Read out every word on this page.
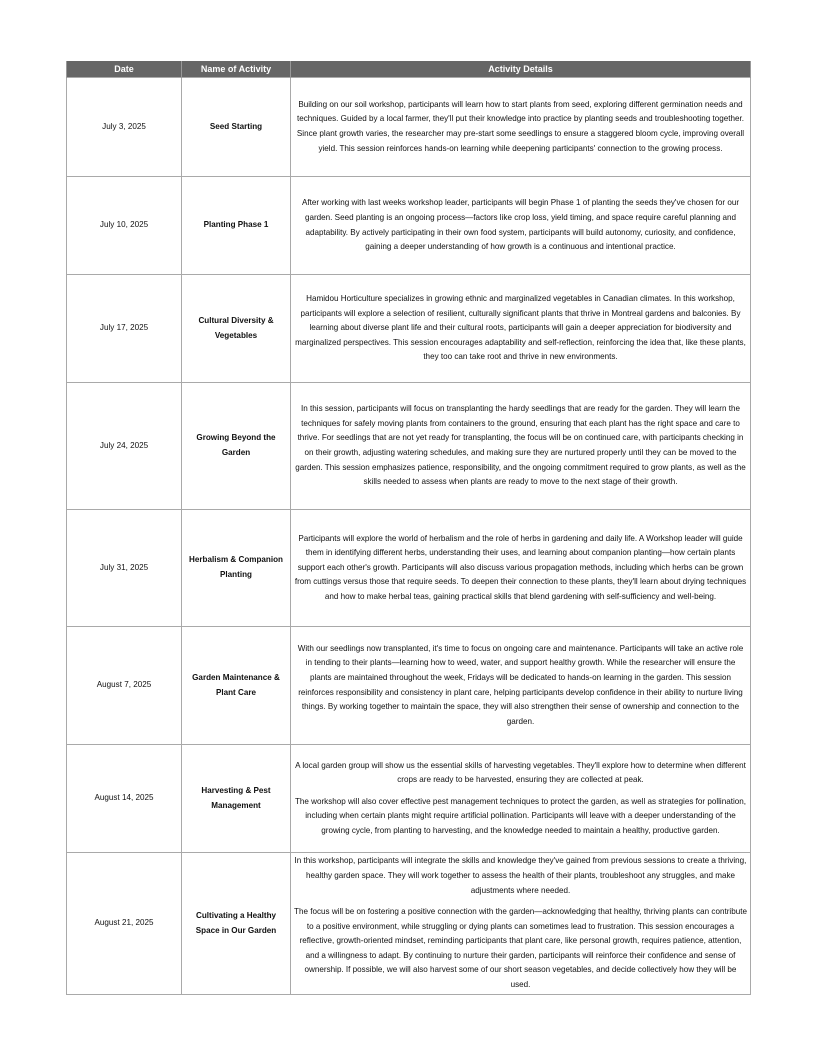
Date	Name of Activity	Activity Details
July 3, 2025	Seed Starting	Building on our soil workshop, participants will learn how to start plants from seed, exploring different germination needs and techniques. Guided by a local farmer, they'll put their knowledge into practice by planting seeds and troubleshooting together. Since plant growth varies, the researcher may pre-start some seedlings to ensure a staggered bloom cycle, improving overall yield. This session reinforces hands-on learning while deepening participants' connection to the growing process.

July 10, 2025	Planting Phase 1	After working with last weeks workshop leader, participants will begin Phase 1 of planting the seeds they've chosen for our garden. Seed planting is an ongoing process—factors like crop loss, yield timing, and space require careful planning and adaptability. By actively participating in their own food system, participants will build autonomy, curiosity, and confidence, gaining a deeper understanding of how growth is a continuous and intentional practice.

July 17, 2025	Cultural Diversity & Vegetables	Hamidou Horticulture specializes in growing ethnic and marginalized vegetables in Canadian climates. In this workshop, participants will explore a selection of resilient, culturally significant plants that thrive in Montreal gardens and balconies. By learning about diverse plant life and their cultural roots, participants will gain a deeper appreciation for biodiversity and marginalized perspectives. This session encourages adaptability and self-reflection, reinforcing the idea that, like these plants, they too can take root and thrive in new environments.

July 24, 2025	Growing Beyond the Garden	In this session, participants will focus on transplanting the hardy seedlings that are ready for the garden. They will learn the techniques for safely moving plants from containers to the ground, ensuring that each plant has the right space and care to thrive. For seedlings that are not yet ready for transplanting, the focus will be on continued care, with participants checking in on their growth, adjusting watering schedules, and making sure they are nurtured properly until they can be moved to the garden. This session emphasizes patience, responsibility, and the ongoing commitment required to grow plants, as well as the skills needed to assess when plants are ready to move to the next stage of their growth.

July 31, 2025	Herbalism & Companion Planting	Participants will explore the world of herbalism and the role of herbs in gardening and daily life. A Workshop leader will guide them in identifying different herbs, understanding their uses, and learning about companion planting—how certain plants support each other's growth. Participants will also discuss various propagation methods, including which herbs can be grown from cuttings versus those that require seeds. To deepen their connection to these plants, they'll learn about drying techniques and how to make herbal teas, gaining practical skills that blend gardening with self-sufficiency and well-being.

August 7, 2025	Garden Maintenance & Plant Care	With our seedlings now transplanted, it's time to focus on ongoing care and maintenance. Participants will take an active role in tending to their plants—learning how to weed, water, and support healthy growth. While the researcher will ensure the plants are maintained throughout the week, Fridays will be dedicated to hands-on learning in the garden. This session reinforces responsibility and consistency in plant care, helping participants develop confidence in their ability to nurture living things. By working together to maintain the space, they will also strengthen their sense of ownership and connection to the garden.

August 14, 2025	Harvesting & Pest Management	A local garden group will show us the essential skills of harvesting vegetables. They'll explore how to determine when different crops are ready to be harvested, ensuring they are collected at peak.

The workshop will also cover effective pest management techniques to protect the garden, as well as strategies for pollination, including when certain plants might require artificial pollination. Participants will leave with a deeper understanding of the growing cycle, from planting to harvesting, and the knowledge needed to maintain a healthy, productive garden.

August 21, 2025	Cultivating a Healthy Space in Our Garden	In this workshop, participants will integrate the skills and knowledge they've gained from previous sessions to create a thriving, healthy garden space. They will work together to assess the health of their plants, troubleshoot any struggles, and make adjustments where needed.

The focus will be on fostering a positive connection with the garden—acknowledging that healthy, thriving plants can contribute to a positive environment, while struggling or dying plants can sometimes lead to frustration. This session encourages a reflective, growth-oriented mindset, reminding participants that plant care, like personal growth, requires patience, attention, and a willingness to adapt. By continuing to nurture their garden, participants will reinforce their confidence and sense of ownership. If possible, we will also harvest some of our short season vegetables, and decide collectively how they will be used.
